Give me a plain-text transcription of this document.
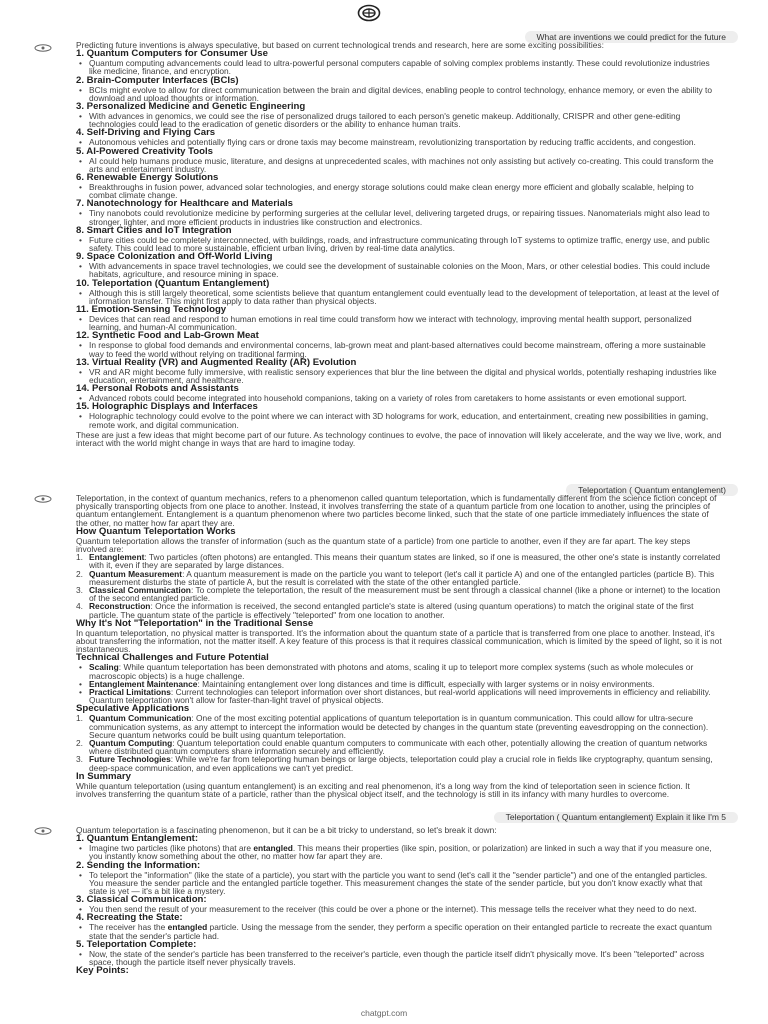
What are inventions we could predict for the future

Predicting future inventions is always speculative, but based on current technological trends and research, here are some exciting possibilities:

1. Quantum Computers for Consumer Use

• Quantum computing advancements could lead to ultra-powerful personal computers capable of solving complex problems instantly. These could revolutionize industries like medicine, finance, and encryption.

2. Brain-Computer Interfaces (BCIs)

• BCIs might evolve to allow for direct communication between the brain and digital devices, enabling people to control technology, enhance memory, or even the ability to download and upload thoughts or information.

3. Personalized Medicine and Genetic Engineering

• With advances in genomics, we could see the rise of personalized drugs tailored to each person's genetic makeup. Additionally, CRISPR and other gene-editing technologies could lead to the eradication of genetic disorders or the ability to enhance human traits.

4. Self-Driving and Flying Cars

• Autonomous vehicles and potentially flying cars or drone taxis may become mainstream, revolutionizing transportation by reducing traffic accidents, and congestion.

5. AI-Powered Creativity Tools

• AI could help humans produce music, literature, and designs at unprecedented scales, with machines not only assisting but actively co-creating. This could transform the arts and entertainment industry.

6. Renewable Energy Solutions

• Breakthroughs in fusion power, advanced solar technologies, and energy storage solutions could make clean energy more efficient and globally scalable, helping to combat climate change.

7. Nanotechnology for Healthcare and Materials

• Tiny nanobots could revolutionize medicine by performing surgeries at the cellular level, delivering targeted drugs, or repairing tissues. Nanomaterials might also lead to stronger, lighter, and more efficient products in industries like construction and electronics.

8. Smart Cities and IoT Integration

• Future cities could be completely interconnected, with buildings, roads, and infrastructure communicating through IoT systems to optimize traffic, energy use, and public safety. This could lead to more sustainable, efficient urban living, driven by real-time data analytics.

9. Space Colonization and Off-World Living

• With advancements in space travel technologies, we could see the development of sustainable colonies on the Moon, Mars, or other celestial bodies. This could include habitats, agriculture, and resource mining in space.

10. Teleportation (Quantum Entanglement)

• Although this is still largely theoretical, some scientists believe that quantum entanglement could eventually lead to the development of teleportation, at least at the level of information transfer. This might first apply to data rather than physical objects.

11. Emotion-Sensing Technology

• Devices that can read and respond to human emotions in real time could transform how we interact with technology, improving mental health support, personalized learning, and human-AI communication.

12. Synthetic Food and Lab-Grown Meat

• In response to global food demands and environmental concerns, lab-grown meat and plant-based alternatives could become mainstream, offering a more sustainable way to feed the world without relying on traditional farming.

13. Virtual Reality (VR) and Augmented Reality (AR) Evolution

• VR and AR might become fully immersive, with realistic sensory experiences that blur the line between the digital and physical worlds, potentially reshaping industries like education, entertainment, and healthcare.

14. Personal Robots and Assistants

• Advanced robots could become integrated into household companions, taking on a variety of roles from caretakers to home assistants or even emotional support.

15. Holographic Displays and Interfaces

• Holographic technology could evolve to the point where we can interact with 3D holograms for work, education, and entertainment, creating new possibilities in gaming, remote work, and digital communication.

These are just a few ideas that might become part of our future. As technology continues to evolve, the pace of innovation will likely accelerate, and the way we live, work, and interact with the world might change in ways that are hard to imagine today.

Teleportation ( Quantum entanglement)

Teleportation, in the context of quantum mechanics, refers to a phenomenon called quantum teleportation, which is fundamentally different from the science fiction concept of physically transporting objects from one place to another. Instead, it involves transferring the state of a quantum particle from one location to another, using the principles of quantum entanglement. Entanglement is a quantum phenomenon where two particles become linked, such that the state of one particle immediately influences the state of the other, no matter how far apart they are.

How Quantum Teleportation Works

Quantum teleportation allows the transfer of information (such as the quantum state of a particle) from one particle to another, even if they are far apart. The key steps involved are:

1. Entanglement: Two particles (often photons) are entangled. This means their quantum states are linked, so if one is measured, the other one's state is instantly correlated with it, even if they are separated by large distances.

2. Quantum Measurement: A quantum measurement is made on the particle you want to teleport (let's call it particle A) and one of the entangled particles (particle B). This measurement disturbs the state of particle A, but the result is correlated with the state of the other entangled particle.

3. Classical Communication: To complete the teleportation, the result of the measurement must be sent through a classical channel (like a phone or internet) to the location of the second entangled particle.

4. Reconstruction: Once the information is received, the second entangled particle's state is altered (using quantum operations) to match the original state of the first particle. The quantum state of the particle is effectively "teleported" from one location to another.

Why It's Not "Teleportation" in the Traditional Sense

In quantum teleportation, no physical matter is transported. It's the information about the quantum state of a particle that is transferred from one place to another. Instead, it's about transferring the information, not the matter itself. A key feature of this process is that it requires classical communication, which is limited by the speed of light, so it is not instantaneous.

Technical Challenges and Future Potential

• Scaling: While quantum teleportation has been demonstrated with photons and atoms, scaling it up to teleport more complex systems (such as whole molecules or macroscopic objects) is a huge challenge.

• Entanglement Maintenance: Maintaining entanglement over long distances and time is difficult, especially with larger systems or in noisy environments.

• Practical Limitations: Current technologies can teleport information over short distances, but real-world applications will need improvements in efficiency and reliability. Quantum teleportation won't allow for faster-than-light travel of physical objects.

Speculative Applications

1. Quantum Communication: One of the most exciting potential applications of quantum teleportation is in quantum communication. This could allow for ultra-secure communication systems, as any attempt to intercept the information would be detected by changes in the quantum state (preventing eavesdropping on the connection). Secure quantum networks could be built using quantum teleportation.

2. Quantum Computing: Quantum teleportation could enable quantum computers to communicate with each other, potentially allowing the creation of quantum networks where distributed quantum computers share information securely and efficiently.

3. Future Technologies: While we're far from teleporting human beings or large objects, teleportation could play a crucial role in fields like cryptography, quantum sensing, deep-space communication, and even applications we can't yet predict.

In Summary

While quantum teleportation (using quantum entanglement) is an exciting and real phenomenon, it's a long way from the kind of teleportation seen in science fiction. It involves transferring the quantum state of a particle, rather than the physical object itself, and the technology is still in its infancy with many hurdles to overcome.

Teleportation ( Quantum entanglement) Explain it like I'm 5

Quantum teleportation is a fascinating phenomenon, but it can be a bit tricky to understand, so let's break it down:

1. Quantum Entanglement:

• Imagine two particles (like photons) that are entangled. This means their properties (like spin, position, or polarization) are linked in such a way that if you measure one, you instantly know something about the other, no matter how far apart they are.

2. Sending the Information:

• To teleport the "information" (like the state of a particle), you start with the particle you want to send (let's call it the "sender particle") and one of the entangled particles. You measure the sender particle and the entangled particle together. This measurement changes the state of the sender particle, but you don't know exactly what that state is yet — it's a bit like a mystery.

3. Classical Communication:

• You then send the result of your measurement to the receiver (this could be over a phone or the internet). This message tells the receiver what they need to do next.

4. Recreating the State:

• The receiver has the entangled particle. Using the message from the sender, they perform a specific operation on their entangled particle to recreate the exact quantum state that the sender's particle had.

5. Teleportation Complete:

• Now, the state of the sender's particle has been transferred to the receiver's particle, even though the particle itself didn't physically move. It's been "teleported" across space, though the particle itself never physically travels.

Key Points:

chatgpt.com
